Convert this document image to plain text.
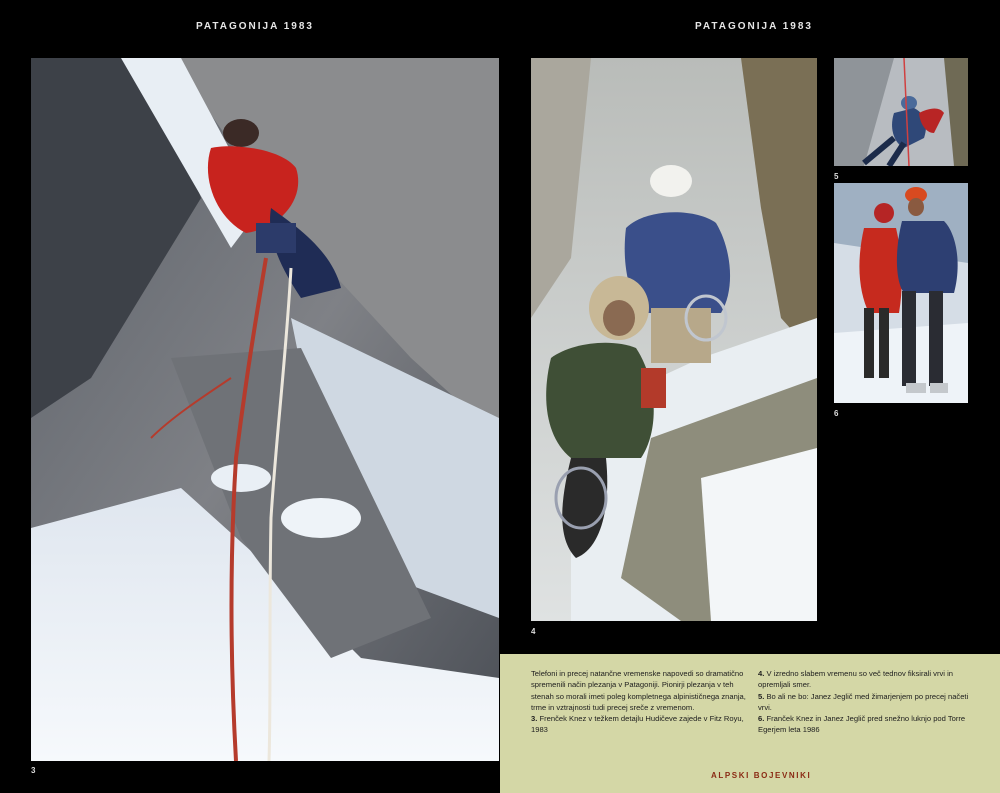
PATAGONIJA 1983	PATAGONIJA 1983
3
4
5
6

Telefoni in precej natančne vremenske napovedi so dramatično spremenili način plezanja v Patagoniji. Pionirji plezanja v teh stenah so morali imeti poleg kompletnega alpinističnega znanja, trme in vztrajnosti tudi precej sreče z vremenom.

3. Frenček Knez v težkem detajlu Hudičeve zajede v Fitz Royu, 1983

4. V izredno slabem vremenu so več tednov fiksirali vrvi in opremljali smer.

5. Bo ali ne bo: Janez Jeglič med žimarjenjem po precej načeti vrvi.

6. Franček Knez in Janez Jeglič pred snežno luknjo pod Torre Egerjem leta 1986

ALPSKI BOJEVNIKI
